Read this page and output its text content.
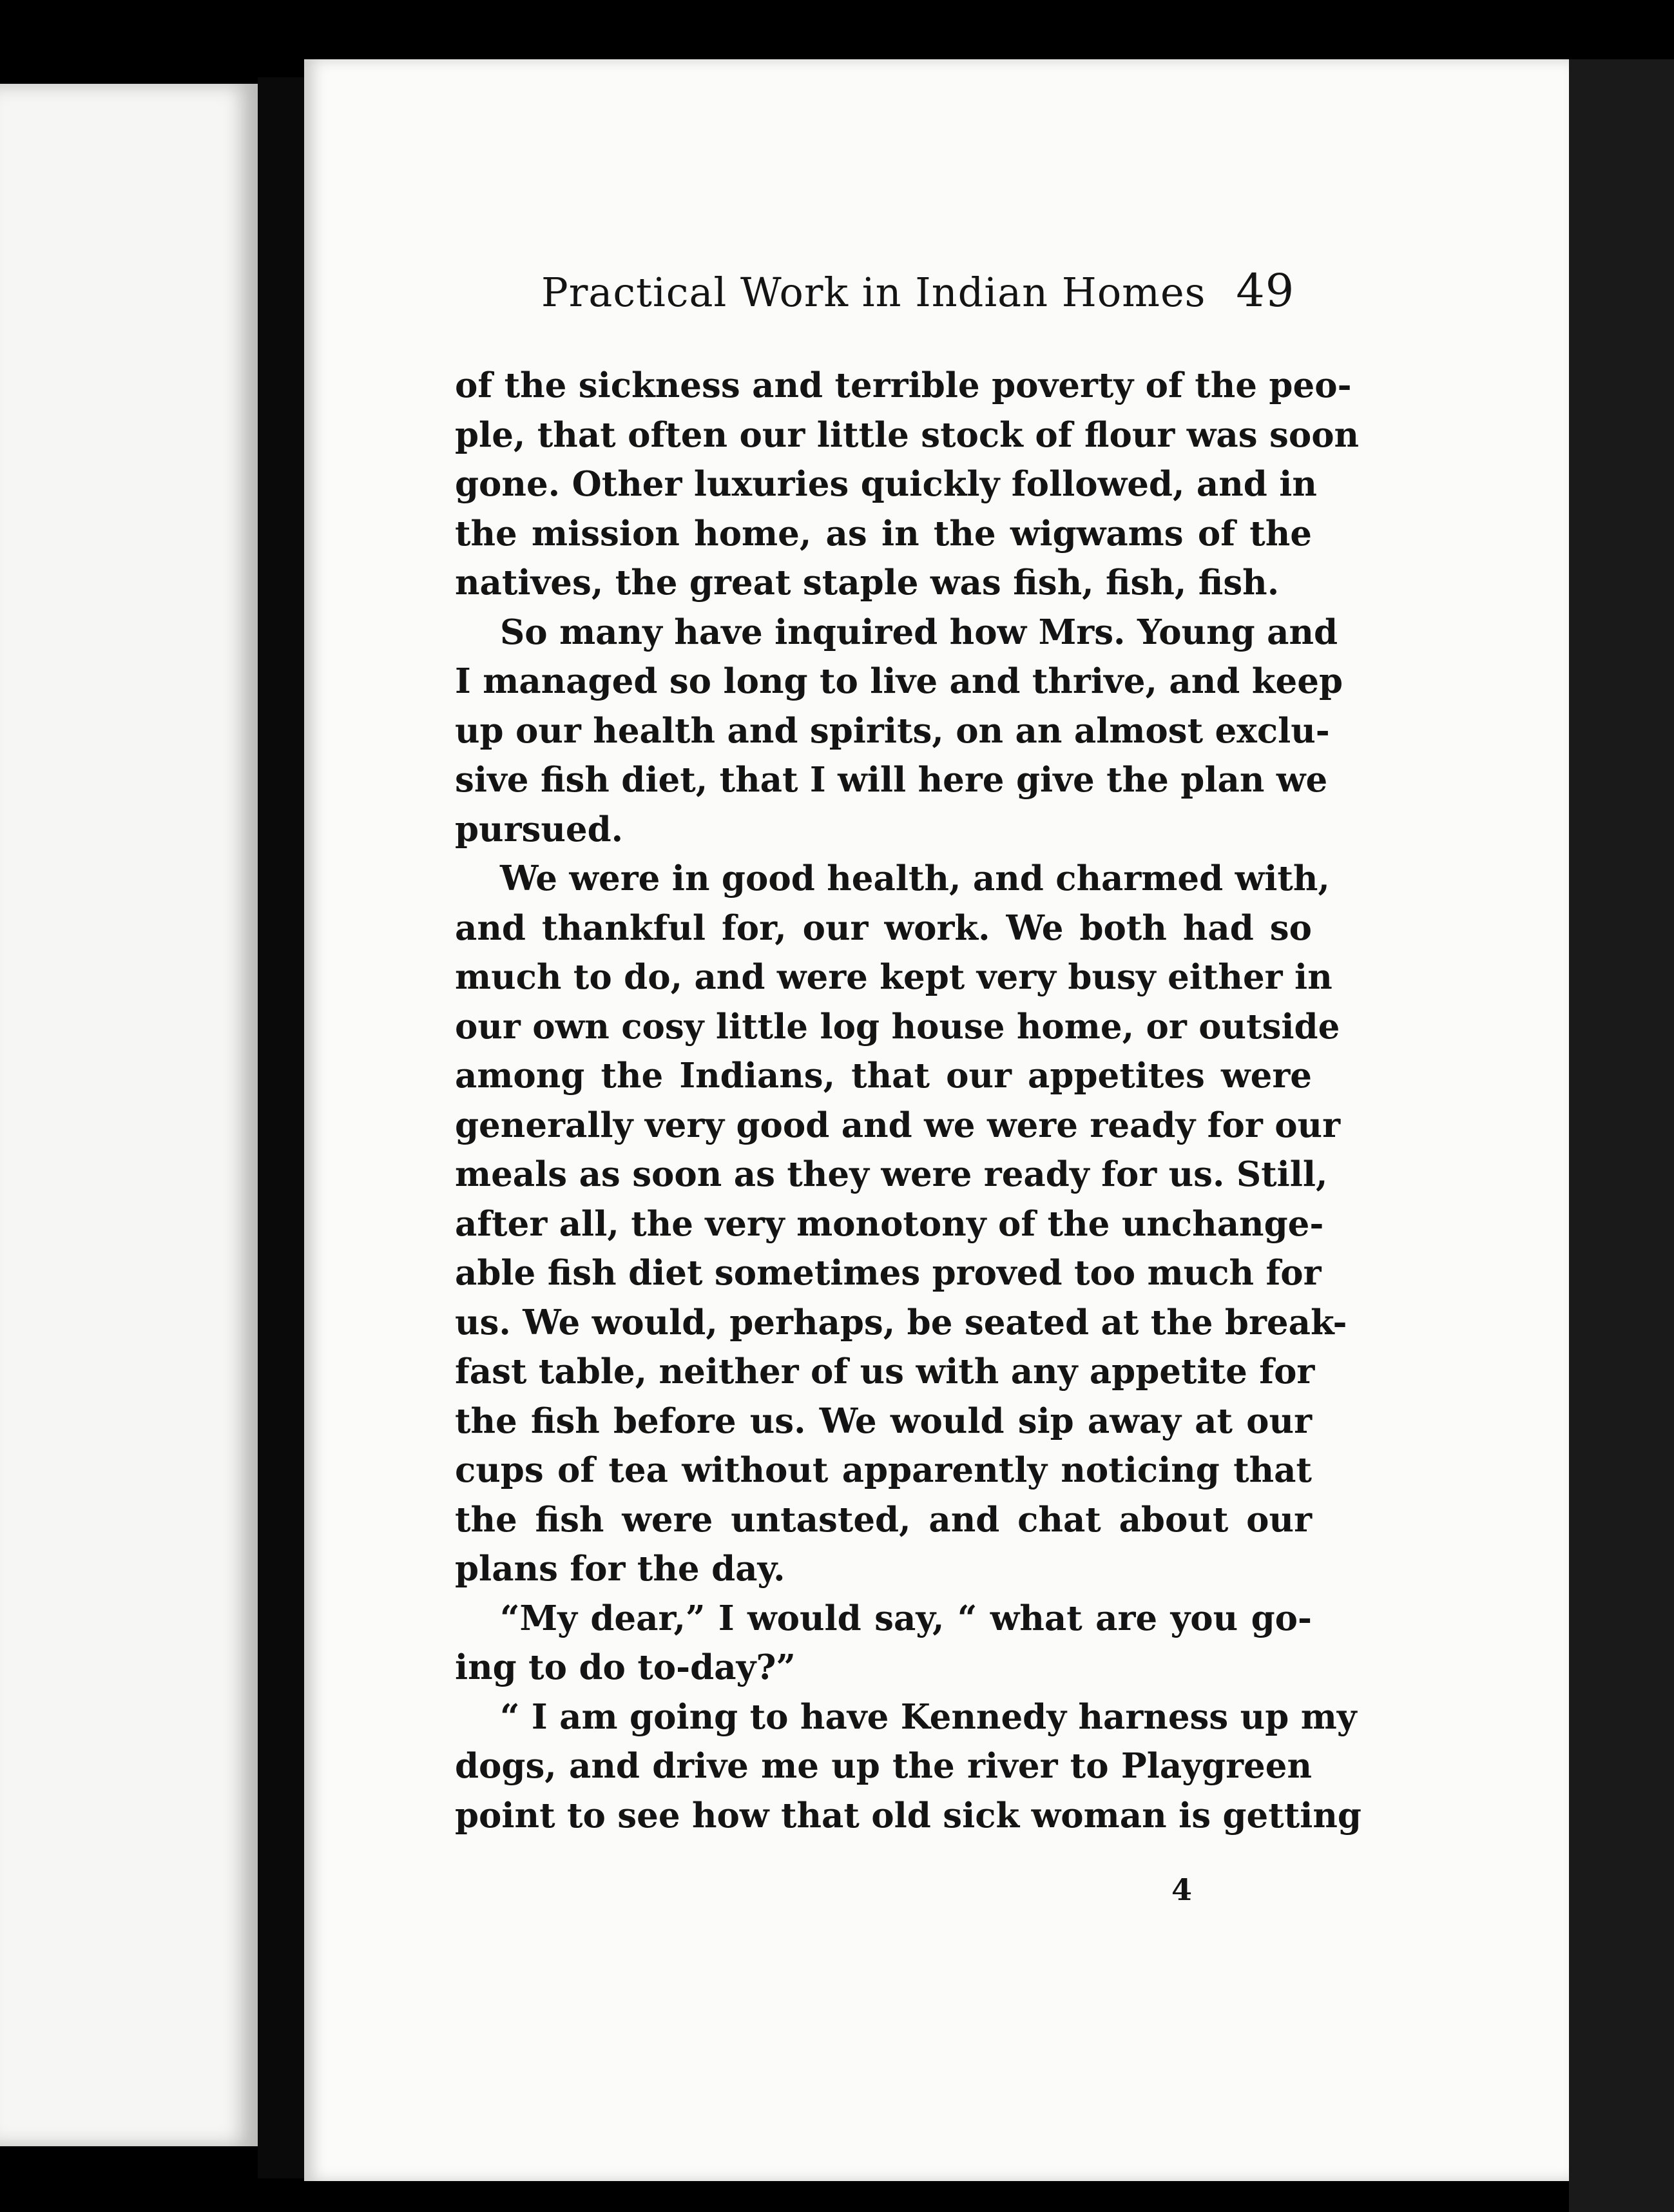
Practical Work in Indian Homes 49
of the sickness and terrible poverty of the peo-
ple, that often our little stock of flour was soon
gone. Other luxuries quickly followed, and in
the mission home, as in the wigwams of the
natives, the great staple was fish, fish, fish.
So many have inquired how Mrs. Young and
I managed so long to live and thrive, and keep
up our health and spirits, on an almost exclu-
sive fish diet, that I will here give the plan we
pursued.
We were in good health, and charmed with,
and thankful for, our work. We both had so
much to do, and were kept very busy either in
our own cosy little log house home, or outside
among the Indians, that our appetites were
generally very good and we were ready for our
meals as soon as they were ready for us. Still,
after all, the very monotony of the unchange-
able fish diet sometimes proved too much for
us. We would, perhaps, be seated at the break-
fast table, neither of us with any appetite for
the fish before us. We would sip away at our
cups of tea without apparently noticing that
the fish were untasted, and chat about our
plans for the day.
“My dear,” I would say, “ what are you go-
ing to do to-day?”
“ I am going to have Kennedy harness up my
dogs, and drive me up the river to Playgreen
point to see how that old sick woman is getting
4
